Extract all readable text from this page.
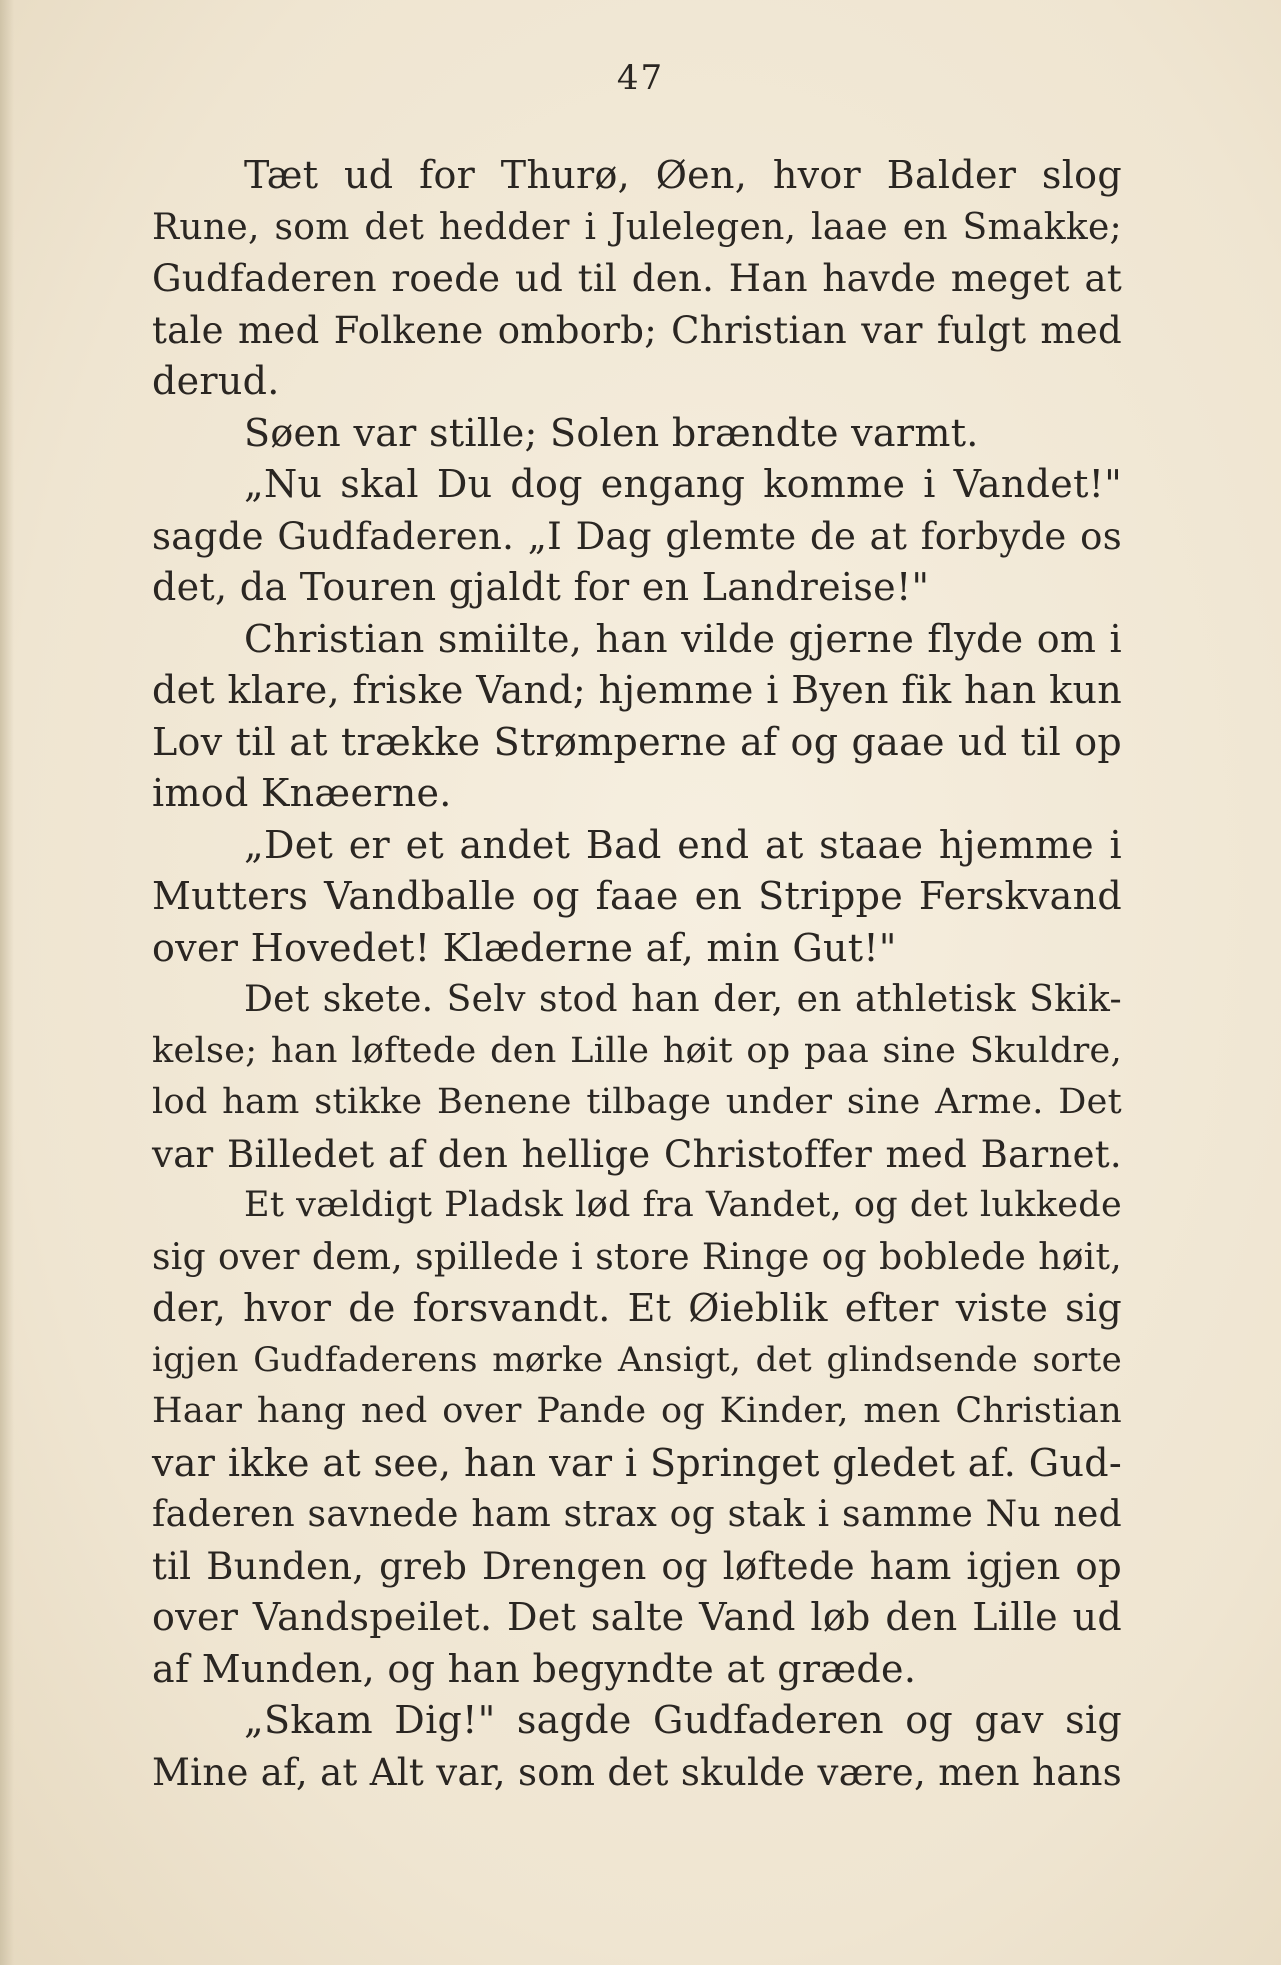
47
Tæt ud for Thurø, Øen, hvor Balder slog
Rune, som det hedder i Julelegen, laae en Smakke;
Gudfaderen roede ud til den. Han havde meget at
tale med Folkene omborb; Christian var fulgt med
derud.
Søen var stille; Solen brændte varmt.
„Nu skal Du dog engang komme i Vandet!"
sagde Gudfaderen. „I Dag glemte de at forbyde os
det, da Touren gjaldt for en Landreise!"
Christian smiilte, han vilde gjerne flyde om i
det klare, friske Vand; hjemme i Byen fik han kun
Lov til at trække Strømperne af og gaae ud til op
imod Knæerne.
„Det er et andet Bad end at staae hjemme i
Mutters Vandballe og faae en Strippe Ferskvand
over Hovedet! Klæderne af, min Gut!"
Det skete. Selv stod han der, en athletisk Skik-
kelse; han løftede den Lille høit op paa sine Skuldre,
lod ham stikke Benene tilbage under sine Arme. Det
var Billedet af den hellige Christoffer med Barnet.
Et vældigt Pladsk lød fra Vandet, og det lukkede
sig over dem, spillede i store Ringe og boblede høit,
der, hvor de forsvandt. Et Øieblik efter viste sig
igjen Gudfaderens mørke Ansigt, det glindsende sorte
Haar hang ned over Pande og Kinder, men Christian
var ikke at see, han var i Springet gledet af. Gud-
faderen savnede ham strax og stak i samme Nu ned
til Bunden, greb Drengen og løftede ham igjen op
over Vandspeilet. Det salte Vand løb den Lille ud
af Munden, og han begyndte at græde.
„Skam Dig!" sagde Gudfaderen og gav sig
Mine af, at Alt var, som det skulde være, men hans
